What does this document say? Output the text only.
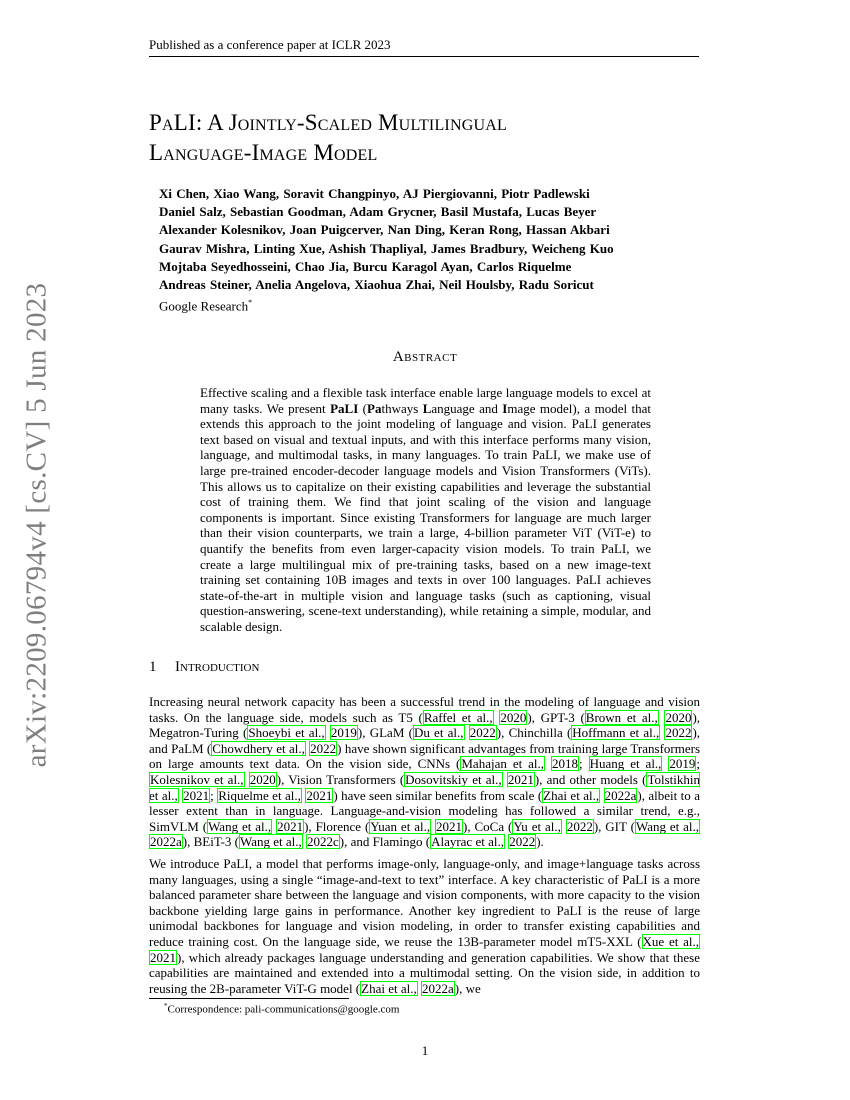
Published as a conference paper at ICLR 2023
arXiv:2209.06794v4 [cs.CV] 5 Jun 2023
PaLI: A Jointly-Scaled Multilingual
Language-Image Model
Xi Chen, Xiao Wang, Soravit Changpinyo, AJ Piergiovanni, Piotr Padlewski
Daniel Salz, Sebastian Goodman, Adam Grycner, Basil Mustafa, Lucas Beyer
Alexander Kolesnikov, Joan Puigcerver, Nan Ding, Keran Rong, Hassan Akbari
Gaurav Mishra, Linting Xue, Ashish Thapliyal, James Bradbury, Weicheng Kuo
Mojtaba Seyedhosseini, Chao Jia, Burcu Karagol Ayan, Carlos Riquelme
Andreas Steiner, Anelia Angelova, Xiaohua Zhai, Neil Houlsby, Radu Soricut
Google Research*
Abstract
Effective scaling and a flexible task interface enable large language models to excel at many tasks. We present PaLI (Pathways Language and Image model), a model that extends this approach to the joint modeling of language and vision. PaLI generates text based on visual and textual inputs, and with this interface performs many vision, language, and multimodal tasks, in many languages. To train PaLI, we make use of large pre-trained encoder-decoder language models and Vision Transformers (ViTs). This allows us to capitalize on their existing capabilities and leverage the substantial cost of training them. We find that joint scaling of the vision and language components is important. Since existing Transformers for language are much larger than their vision counterparts, we train a large, 4-billion parameter ViT (ViT-e) to quantify the benefits from even larger-capacity vision models. To train PaLI, we create a large multilingual mix of pre-training tasks, based on a new image-text training set containing 10B images and texts in over 100 languages. PaLI achieves state-of-the-art in multiple vision and language tasks (such as captioning, visual question-answering, scene-text understanding), while retaining a simple, modular, and scalable design.
1 Introduction
Increasing neural network capacity has been a successful trend in the modeling of language and vision tasks. On the language side, models such as T5 (Raffel et al., 2020), GPT-3 (Brown et al., 2020), Megatron-Turing (Shoeybi et al., 2019), GLaM (Du et al., 2022), Chinchilla (Hoffmann et al., 2022), and PaLM (Chowdhery et al., 2022) have shown significant advantages from training large Transformers on large amounts text data. On the vision side, CNNs (Mahajan et al., 2018; Huang et al., 2019; Kolesnikov et al., 2020), Vision Transformers (Dosovitskiy et al., 2021), and other models (Tolstikhin et al., 2021; Riquelme et al., 2021) have seen similar benefits from scale (Zhai et al., 2022a), albeit to a lesser extent than in language. Language-and-vision modeling has followed a similar trend, e.g., SimVLM (Wang et al., 2021), Florence (Yuan et al., 2021), CoCa (Yu et al., 2022), GIT (Wang et al., 2022a), BEiT-3 (Wang et al., 2022c), and Flamingo (Alayrac et al., 2022).
We introduce PaLI, a model that performs image-only, language-only, and image+language tasks across many languages, using a single “image-and-text to text” interface. A key characteristic of PaLI is a more balanced parameter share between the language and vision components, with more capacity to the vision backbone yielding large gains in performance. Another key ingredient to PaLI is the reuse of large unimodal backbones for language and vision modeling, in order to transfer existing capabilities and reduce training cost. On the language side, we reuse the 13B-parameter model mT5-XXL (Xue et al., 2021), which already packages language understanding and generation capabilities. We show that these capabilities are maintained and extended into a multimodal setting. On the vision side, in addition to reusing the 2B-parameter ViT-G model (Zhai et al., 2022a), we
*Correspondence: pali-communications@google.com
1
